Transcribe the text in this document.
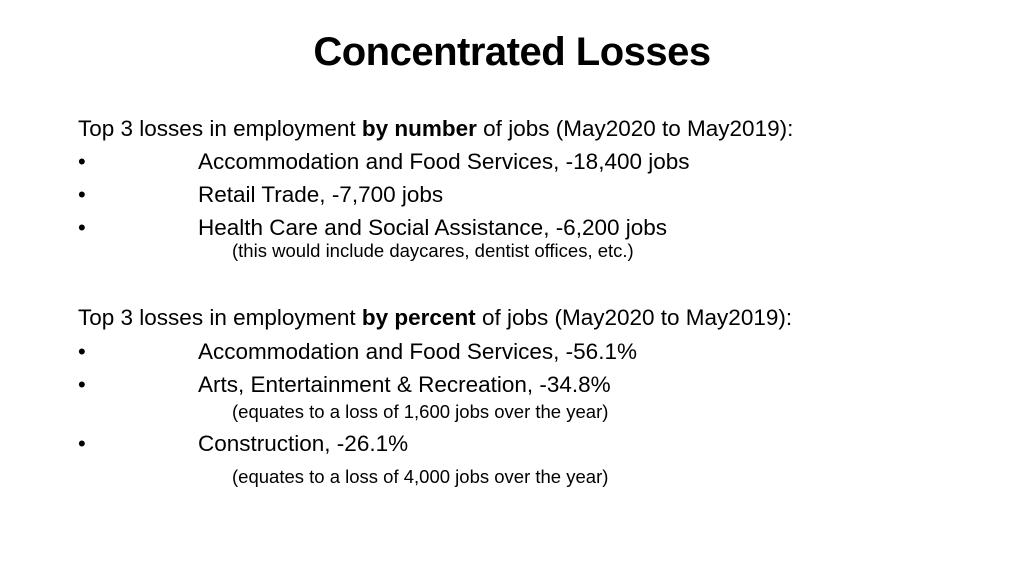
Concentrated Losses
Top 3 losses in employment by number of jobs (May2020 to May2019):
•	Accommodation and Food Services, -18,400 jobs
•	Retail Trade, -7,700 jobs
•	Health Care and Social Assistance, -6,200 jobs
(this would include daycares, dentist offices, etc.)
Top 3 losses in employment by percent of jobs (May2020 to May2019):
•	Accommodation and Food Services, -56.1%
•	Arts, Entertainment & Recreation, -34.8%
(equates to a loss of 1,600 jobs over the year)
•	Construction, -26.1%
(equates to a loss of 4,000 jobs over the year)
